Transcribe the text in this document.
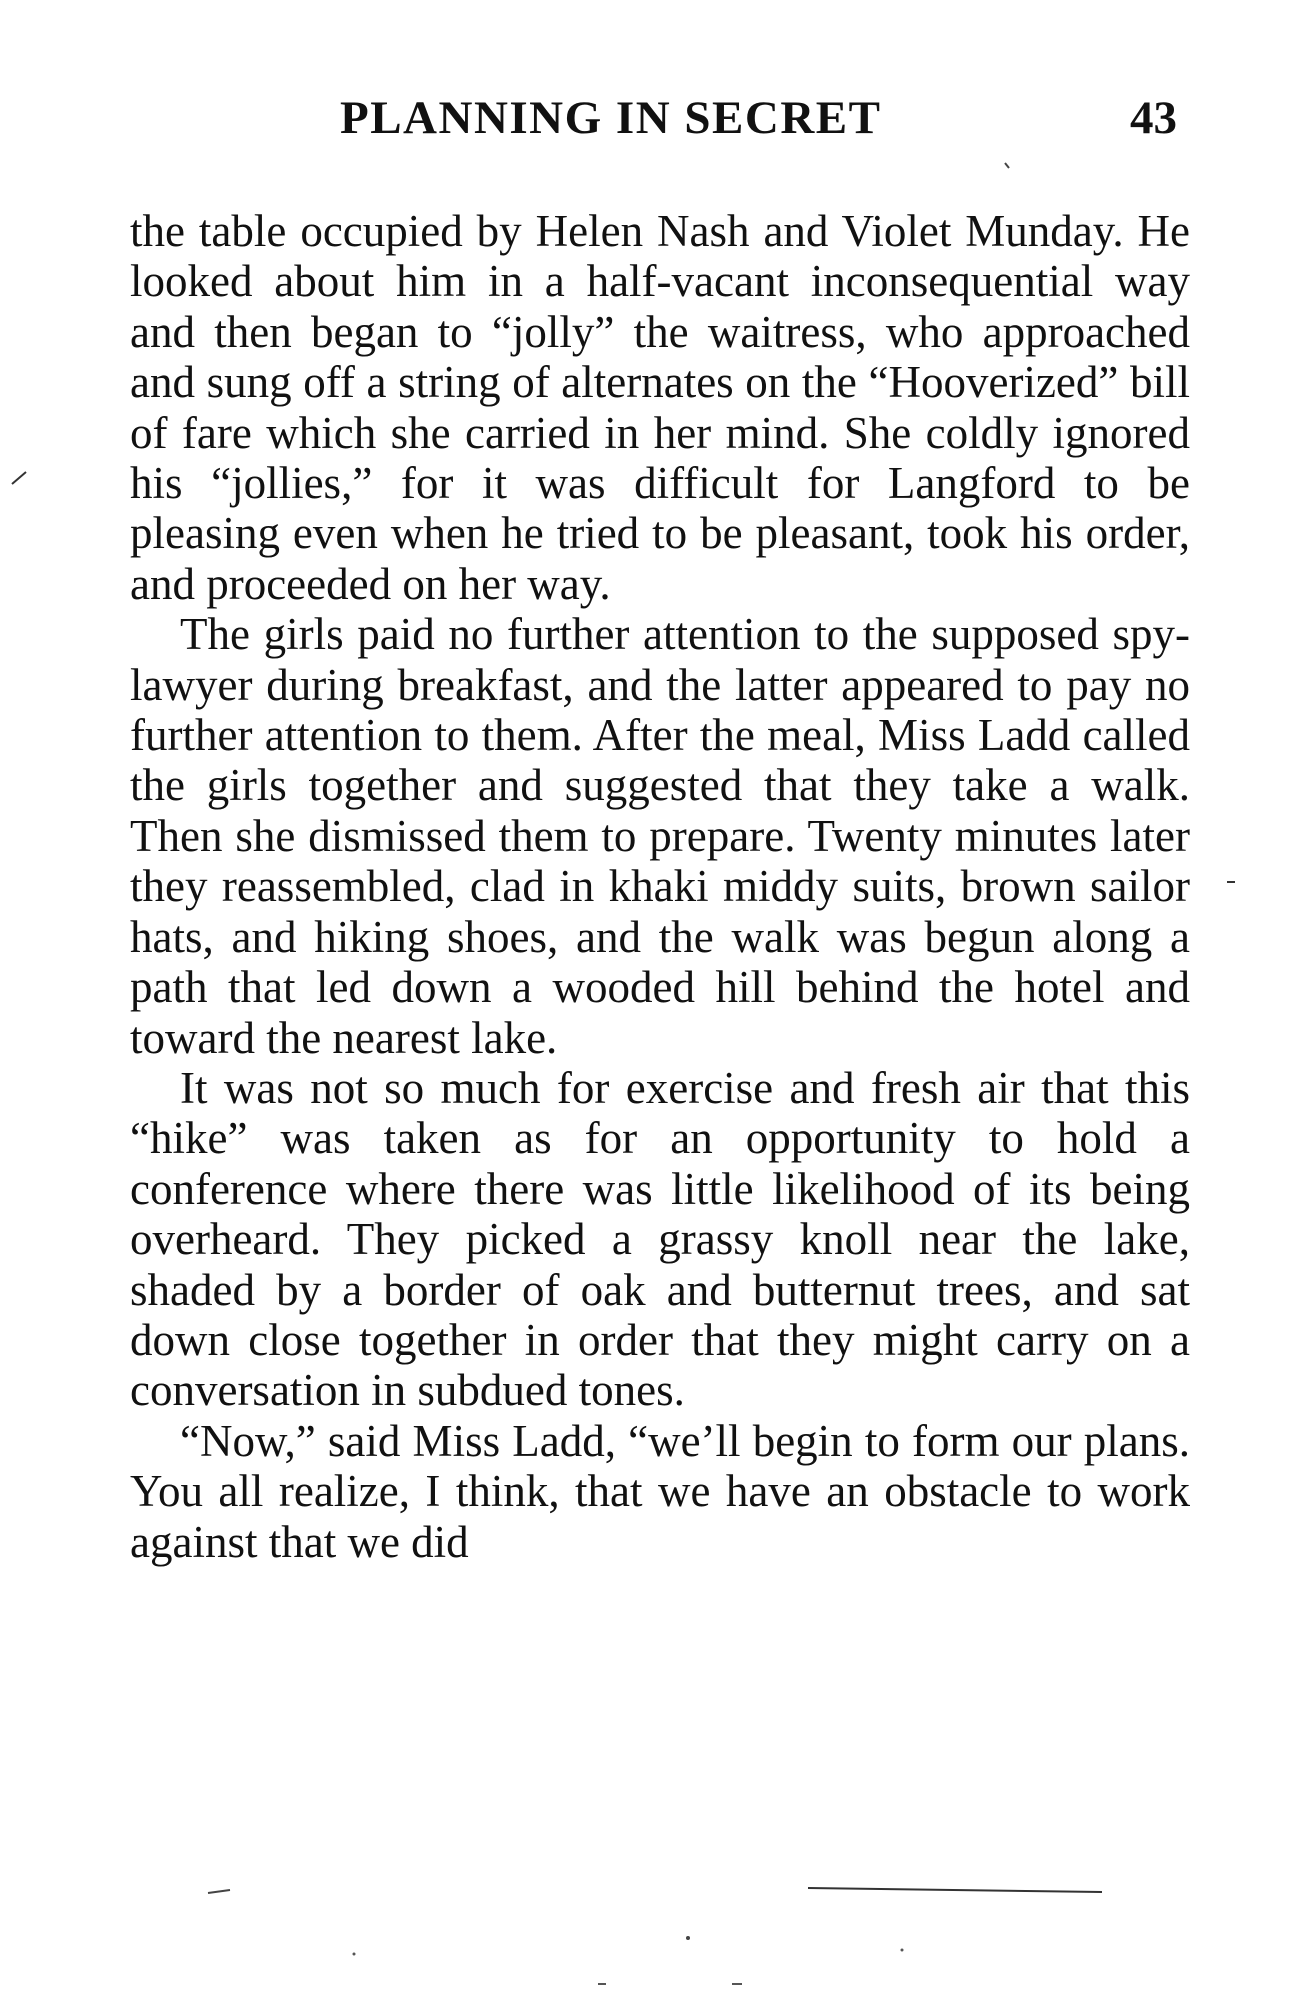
PLANNING IN SECRET	43

the table occupied by Helen Nash and Violet Munday. He looked about him in a half-vacant inconsequential way and then began to “jolly” the waitress, who approached and sung off a string of alternates on the “Hooverized” bill of fare which she carried in her mind. She coldly ignored his “jollies,” for it was difficult for Langford to be pleasing even when he tried to be pleasant, took his order, and proceeded on her way.

The girls paid no further attention to the supposed spy-lawyer during breakfast, and the latter appeared to pay no further attention to them. After the meal, Miss Ladd called the girls together and suggested that they take a walk. Then she dismissed them to prepare. Twenty minutes later they reassembled, clad in khaki middy suits, brown sailor hats, and hiking shoes, and the walk was begun along a path that led down a wooded hill behind the hotel and toward the nearest lake.

It was not so much for exercise and fresh air that this “hike” was taken as for an opportunity to hold a conference where there was little likelihood of its being overheard. They picked a grassy knoll near the lake, shaded by a border of oak and butternut trees, and sat down close together in order that they might carry on a conversation in subdued tones.

“Now,” said Miss Ladd, “we’ll begin to form our plans. You all realize, I think, that we have an obstacle to work against that we did
